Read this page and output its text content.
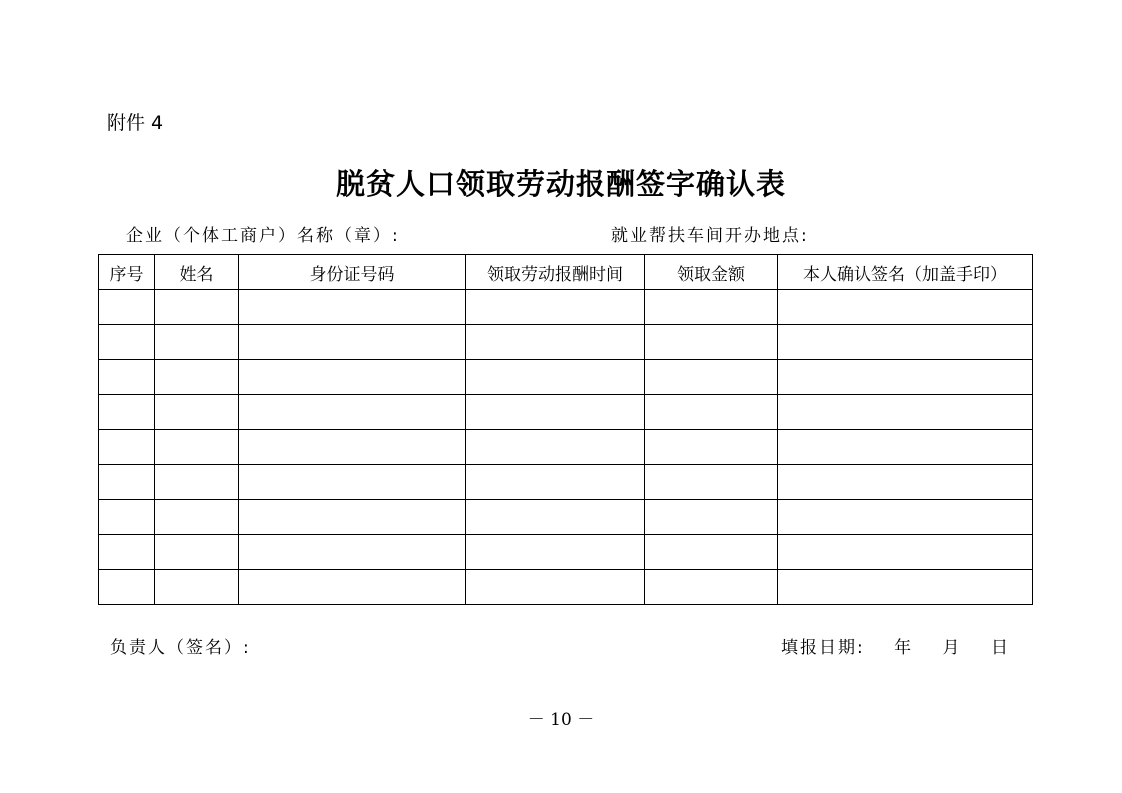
附件 4
脱贫人口领取劳动报酬签字确认表
企业（个体工商户）名称（章）:	就业帮扶车间开办地点:
序号	姓名	身份证号码	领取劳动报酬时间	领取金额	本人确认签名（加盖手印）

负责人（签名）:	填报日期: 年 月 日
－ 10 －
